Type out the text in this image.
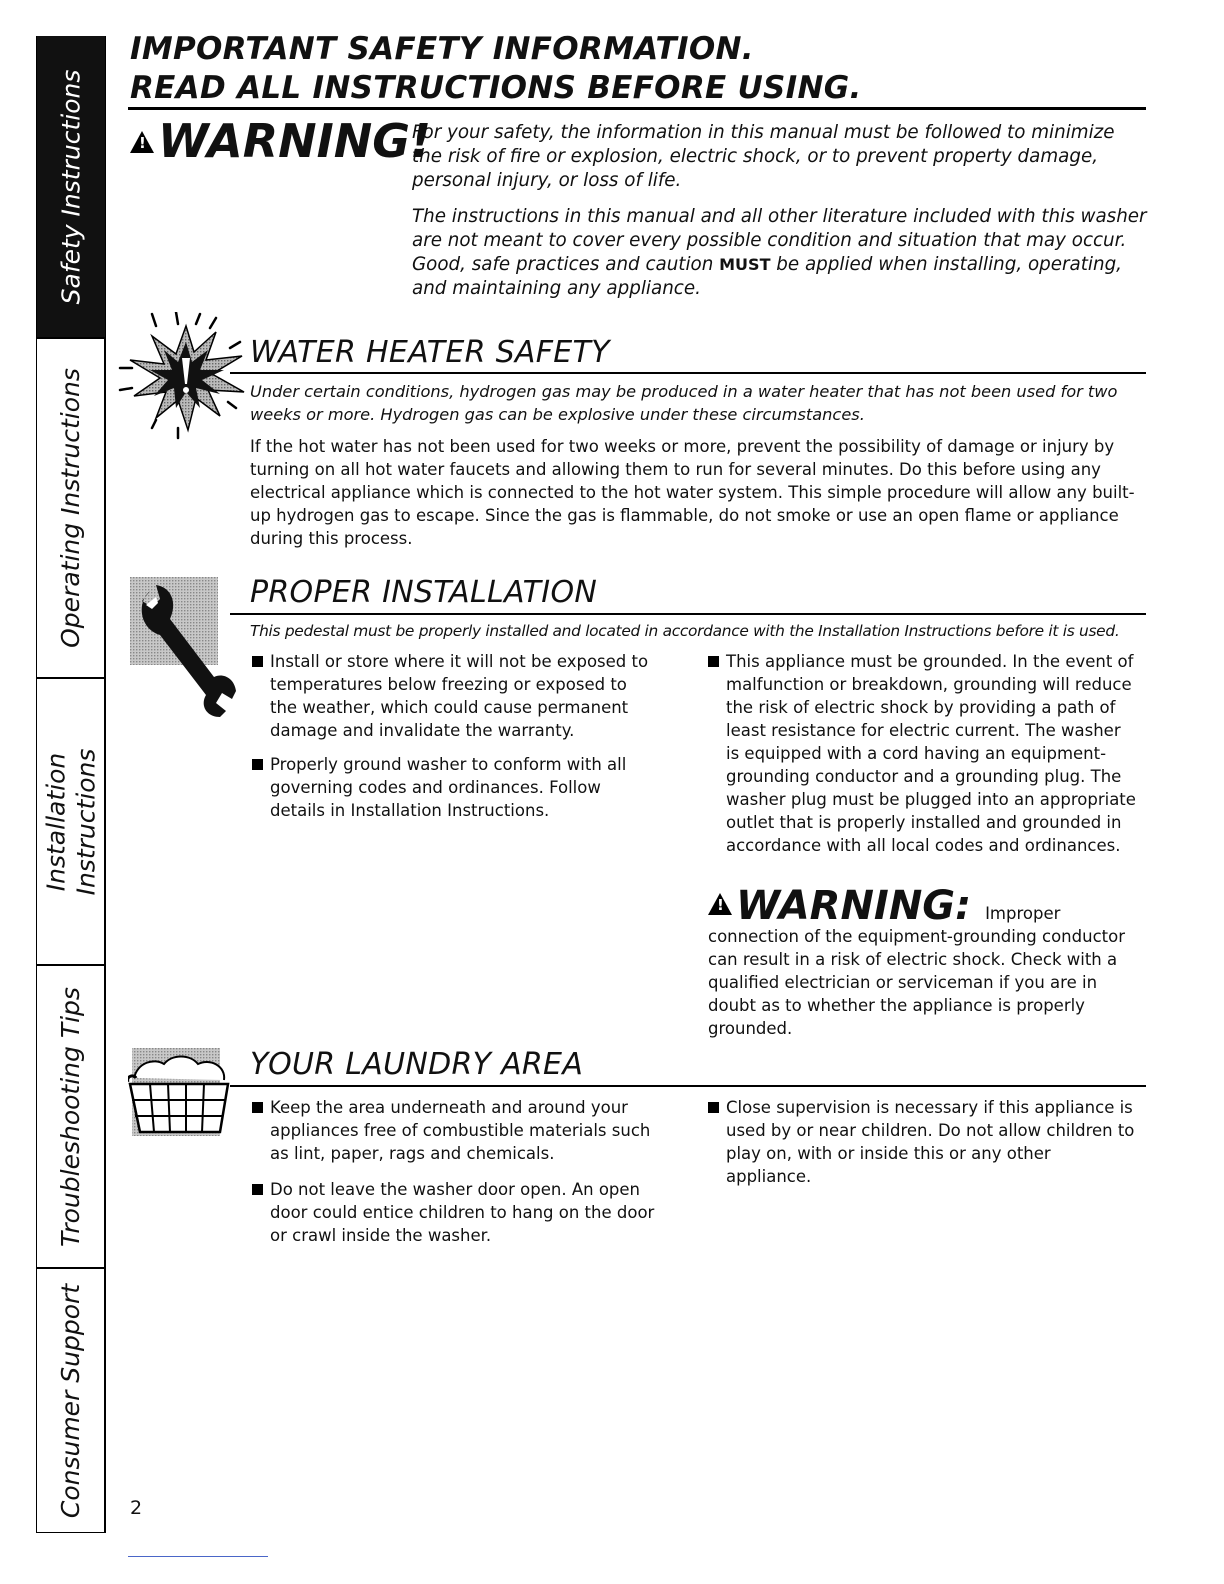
Safety Instructions
Operating Instructions
Installation
Instructions
Troubleshooting Tips
Consumer Support
IMPORTANT SAFETY INFORMATION.
READ ALL INSTRUCTIONS BEFORE USING.
!WARNING!
For your safety, the information in this manual must be followed to minimize the risk of fire or explosion, electric shock, or to prevent property damage, personal injury, or loss of life.
The instructions in this manual and all other literature included with this washer are not meant to cover every possible condition and situation that may occur. Good, safe practices and caution MUST be applied when installing, operating, and maintaining any appliance.
WATER HEATER SAFETY
Under certain conditions, hydrogen gas may be produced in a water heater that has not been used for two weeks or more. Hydrogen gas can be explosive under these circumstances.
If the hot water has not been used for two weeks or more, prevent the possibility of damage or injury by turning on all hot water faucets and allowing them to run for several minutes. Do this before using any electrical appliance which is connected to the hot water system. This simple procedure will allow any built-up hydrogen gas to escape. Since the gas is flammable, do not smoke or use an open flame or appliance during this process.
PROPER INSTALLATION
This pedestal must be properly installed and located in accordance with the Installation Instructions before it is used.
Install or store where it will not be exposed to temperatures below freezing or exposed to the weather, which could cause permanent damage and invalidate the warranty.
Properly ground washer to conform with all governing codes and ordinances. Follow details in Installation Instructions.
This appliance must be grounded. In the event of malfunction or breakdown, grounding will reduce the risk of electric shock by providing a path of least resistance for electric current. The washer is equipped with a cord having an equipment-grounding conductor and a grounding plug. The washer plug must be plugged into an appropriate outlet that is properly installed and grounded in accordance with all local codes and ordinances.
!WARNING: Improper
connection of the equipment-grounding conductor can result in a risk of electric shock. Check with a qualified electrician or serviceman if you are in doubt as to whether the appliance is properly grounded.
YOUR LAUNDRY AREA
Keep the area underneath and around your appliances free of combustible materials such as lint, paper, rags and chemicals.
Do not leave the washer door open. An open door could entice children to hang on the door or crawl inside the washer.
Close supervision is necessary if this appliance is used by or near children. Do not allow children to play on, with or inside this or any other appliance.
2
